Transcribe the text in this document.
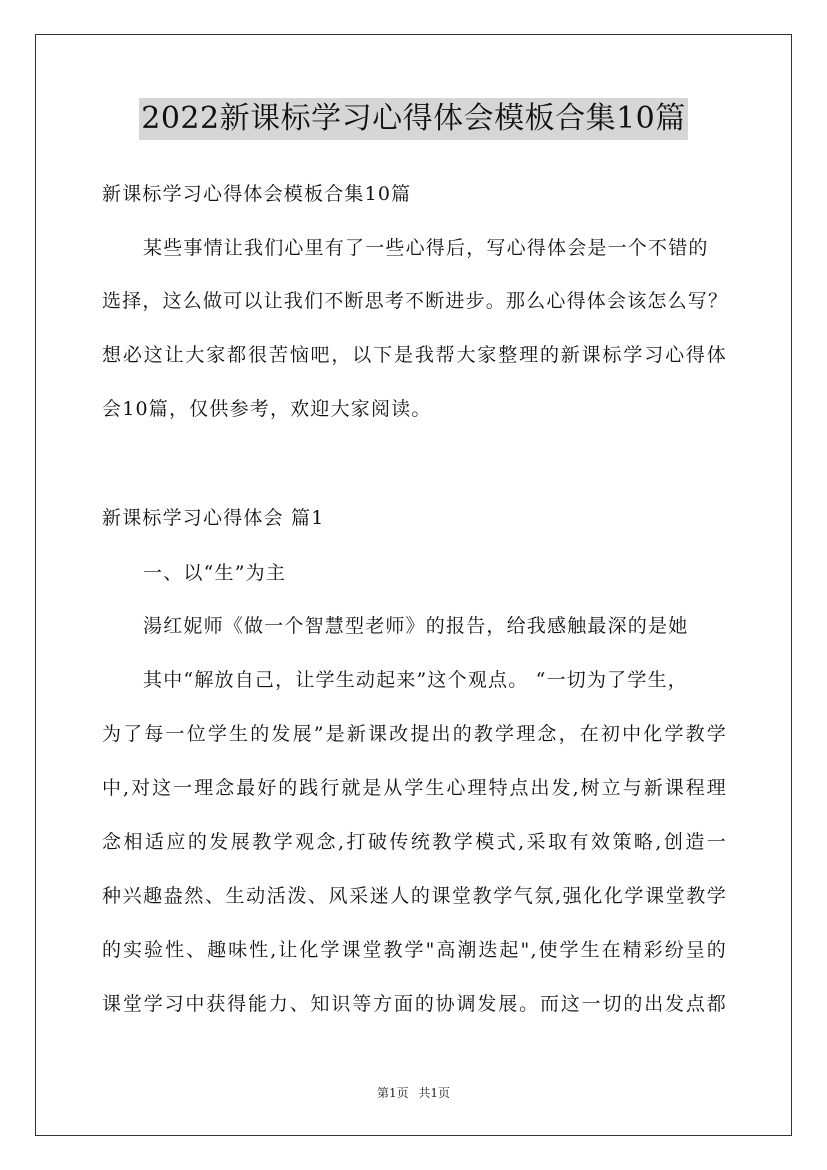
2022新课标学习心得体会模板合集10篇
新课标学习心得体会模板合集10篇
某些事情让我们心里有了一些心得后，写心得体会是一个不错的
选择，这么做可以让我们不断思考不断进步。那么心得体会该怎么写？
想必这让大家都很苦恼吧，以下是我帮大家整理的新课标学习心得体
会10篇，仅供参考，欢迎大家阅读。
新课标学习心得体会 篇1
一、以“生”为主
湯红妮师《做一个智慧型老师》的报告，给我感触最深的是她
其中“解放自己，让学生动起来”这个观点。 “一切为了学生，
为了每一位学生的发展”是新课改提出的教学理念，在初中化学教学
中,对这一理念最好的践行就是从学生心理特点出发,树立与新课程理
念相适应的发展教学观念,打破传统教学模式,采取有效策略,创造一
种兴趣盎然、生动活泼、风采迷人的课堂教学气氛,强化化学课堂教学
的实验性、趣味性,让化学课堂教学"高潮迭起",使学生在精彩纷呈的
课堂学习中获得能力、知识等方面的协调发展。而这一切的出发点都
第1页 共1页
